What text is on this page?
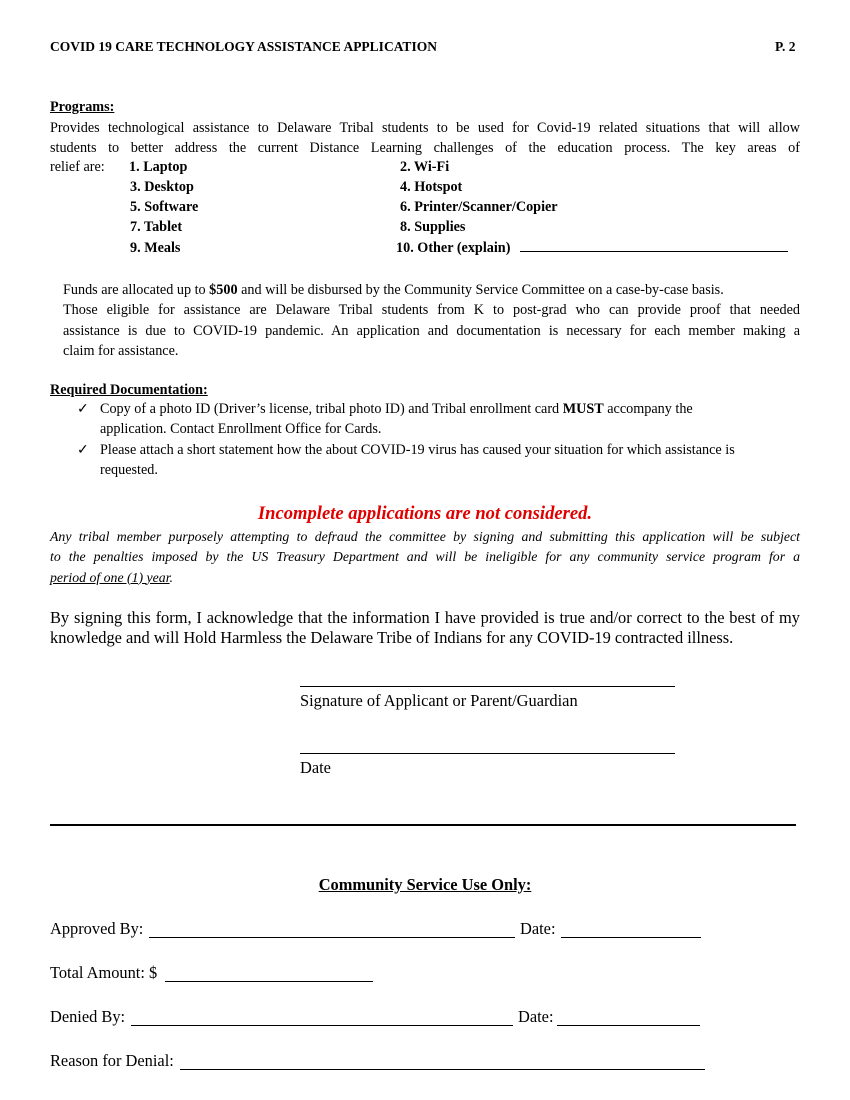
COVID 19 CARE TECHNOLOGY ASSISTANCE APPLICATION	P. 2
Programs:
Provides technological assistance to Delaware Tribal students to be used for Covid-19 related situations that will allow
students to better address the current Distance Learning challenges of the education process. The key areas of
relief are: 1. Laptop	2. Wi-Fi
3. Desktop	4. Hotspot
5. Software	6. Printer/Scanner/Copier
7. Tablet	8. Supplies
9. Meals	10. Other (explain)
Funds are allocated up to $500 and will be disbursed by the Community Service Committee on a case-by-case basis.
Those eligible for assistance are Delaware Tribal students from K to post-grad who can provide proof that needed
assistance is due to COVID-19 pandemic. An application and documentation is necessary for each member making a
claim for assistance.
Required Documentation:
✓ Copy of a photo ID (Driver’s license, tribal photo ID) and Tribal enrollment card MUST accompany the
application. Contact Enrollment Office for Cards.
✓ Please attach a short statement how the about COVID-19 virus has caused your situation for which assistance is
requested.
Incomplete applications are not considered.
Any tribal member purposely attempting to defraud the committee by signing and submitting this application will be subject
to the penalties imposed by the US Treasury Department and will be ineligible for any community service program for a
period of one (1) year.
By signing this form, I acknowledge that the information I have provided is true and/or correct to the best of my
knowledge and will Hold Harmless the Delaware Tribe of Indians for any COVID-19 contracted illness.
Signature of Applicant or Parent/Guardian
Date
Community Service Use Only:
Approved By:	Date:
Total Amount: $
Denied By:	Date:
Reason for Denial:
